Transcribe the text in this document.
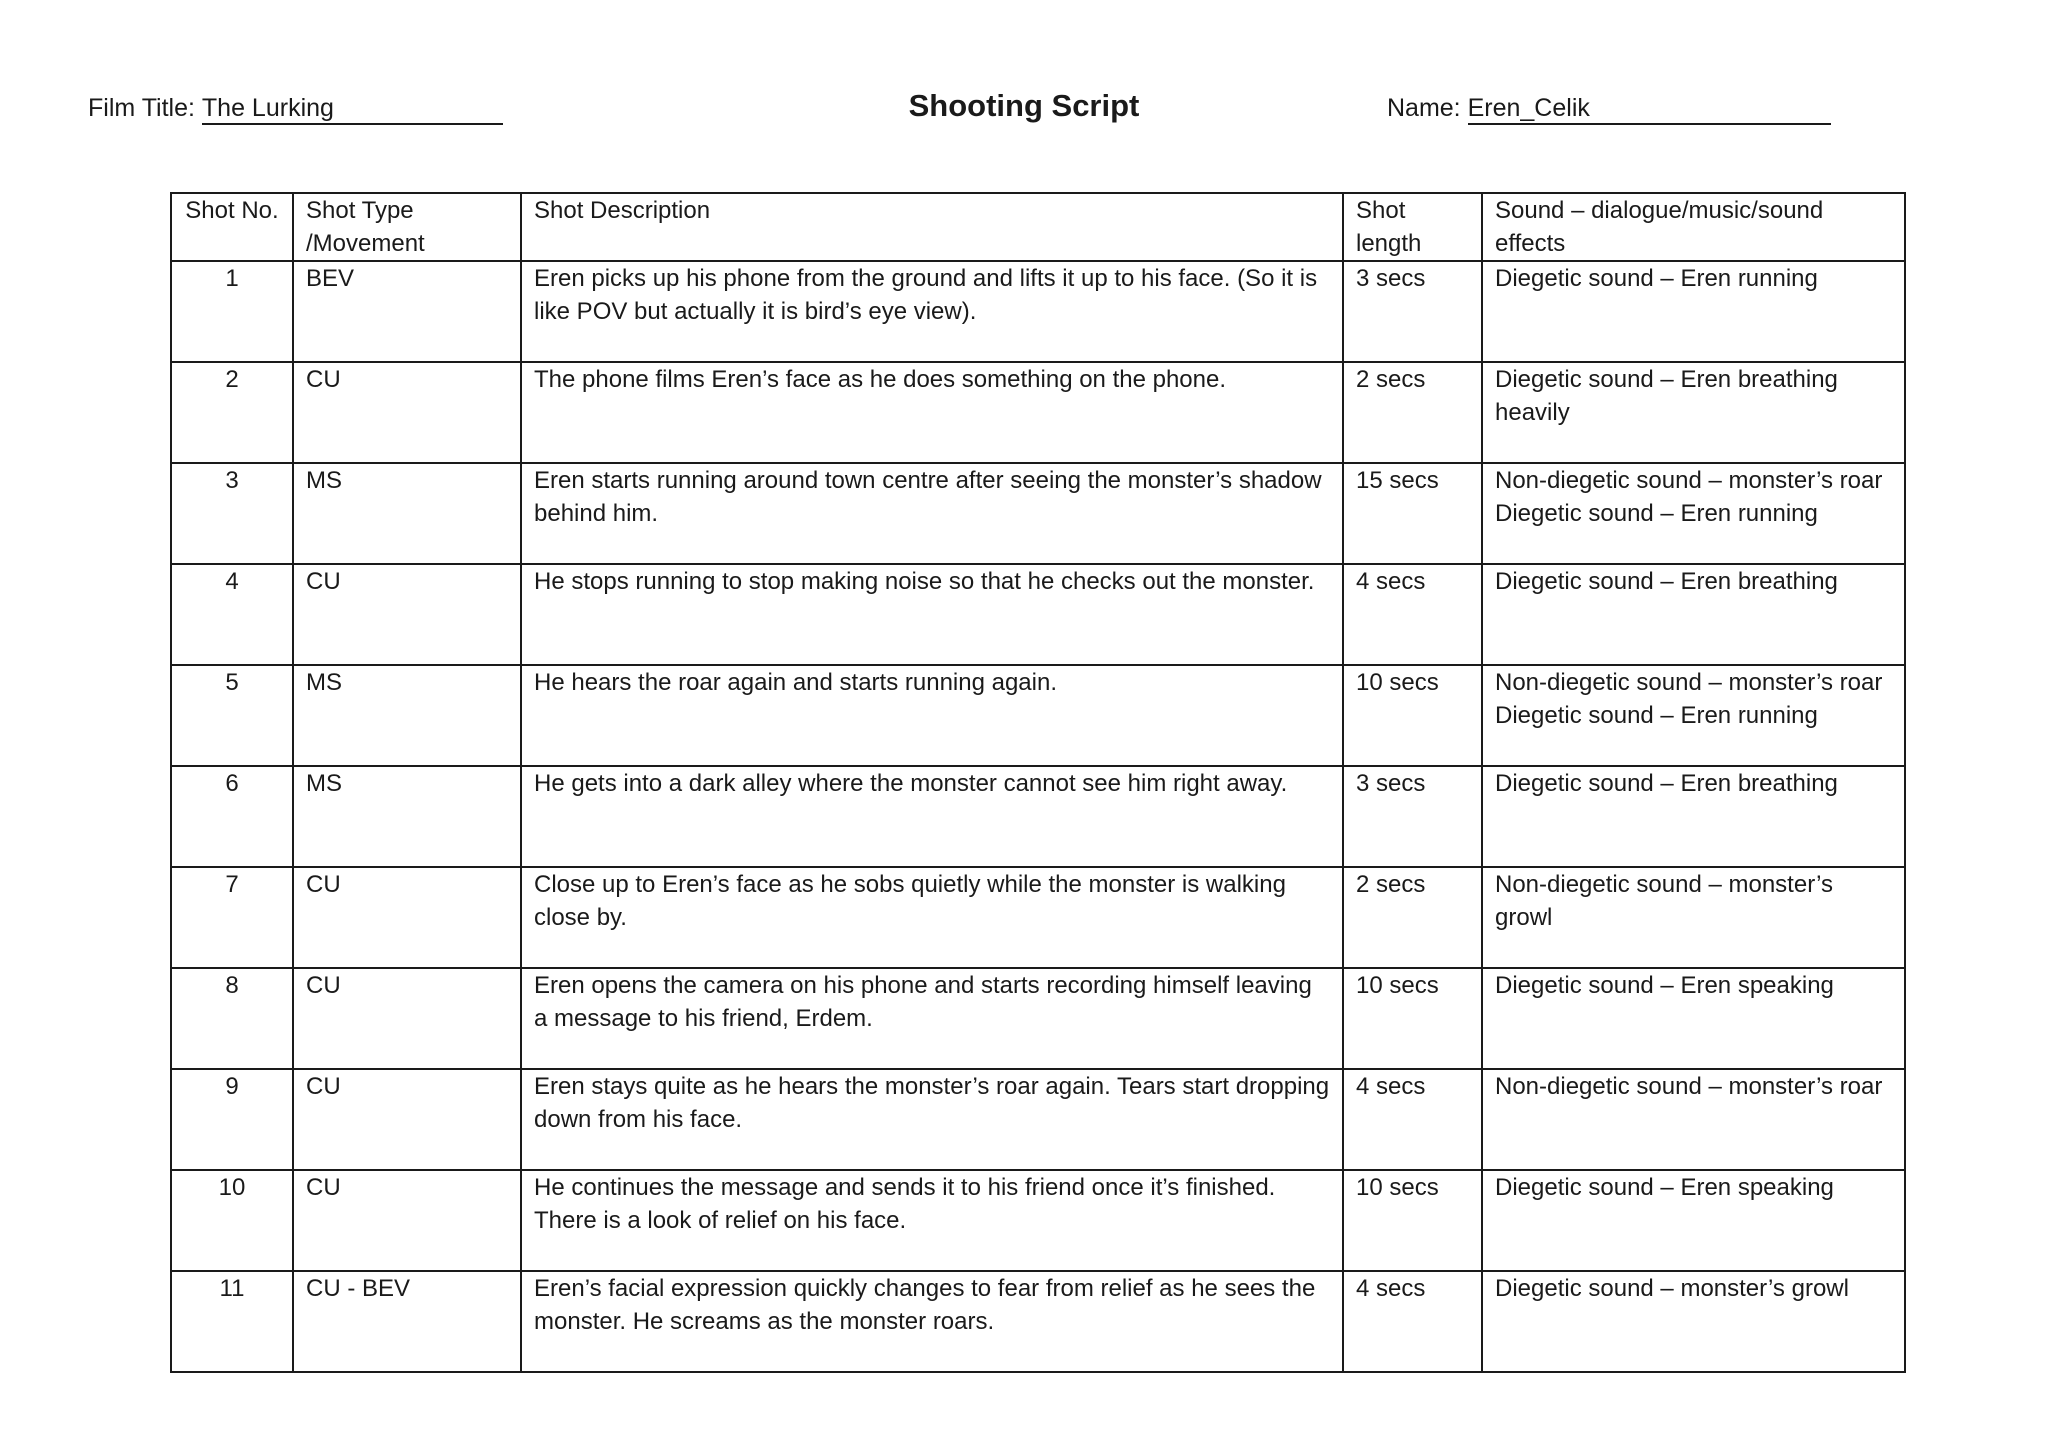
Film Title: The Lurking	Shooting Script	Name: Eren_Celik
Shot No.	Shot Type /Movement	Shot Description	Shot length	Sound – dialogue/music/sound effects
1	BEV	Eren picks up his phone from the ground and lifts it up to his face. (So it is like POV but actually it is bird’s eye view).	3 secs	Diegetic sound – Eren running
2	CU	The phone films Eren’s face as he does something on the phone.	2 secs	Diegetic sound – Eren breathing heavily
3	MS	Eren starts running around town centre after seeing the monster’s shadow behind him.	15 secs	Non-diegetic sound – monster’s roar
Diegetic sound – Eren running
4	CU	He stops running to stop making noise so that he checks out the monster.	4 secs	Diegetic sound – Eren breathing
5	MS	He hears the roar again and starts running again.	10 secs	Non-diegetic sound – monster’s roar
Diegetic sound – Eren running
6	MS	He gets into a dark alley where the monster cannot see him right away.	3 secs	Diegetic sound – Eren breathing
7	CU	Close up to Eren’s face as he sobs quietly while the monster is walking close by.	2 secs	Non-diegetic sound – monster’s growl
8	CU	Eren opens the camera on his phone and starts recording himself leaving a message to his friend, Erdem.	10 secs	Diegetic sound – Eren speaking
9	CU	Eren stays quite as he hears the monster’s roar again. Tears start dropping down from his face.	4 secs	Non-diegetic sound – monster’s roar
10	CU	He continues the message and sends it to his friend once it’s finished. There is a look of relief on his face.	10 secs	Diegetic sound – Eren speaking
11	CU - BEV	Eren’s facial expression quickly changes to fear from relief as he sees the monster. He screams as the monster roars.	4 secs	Diegetic sound – monster’s growl
